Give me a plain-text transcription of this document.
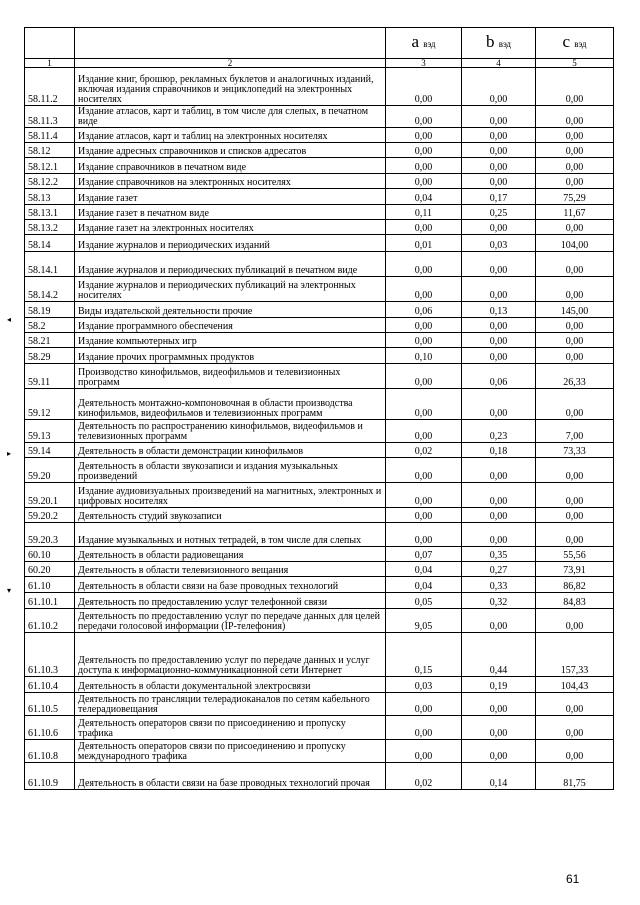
		a вэд	b вэд	c вэд
1	2	3	4	5
58.11.2	Издание книг, брошюр, рекламных буклетов и аналогичных изданий, включая издания справочников и энциклопедий на электронных носителях	0,00	0,00	0,00
58.11.3	Издание атласов, карт и таблиц, в том числе для слепых, в печатном виде	0,00	0,00	0,00
58.11.4	Издание атласов, карт и таблиц на электронных носителях	0,00	0,00	0,00
58.12	Издание адресных справочников и списков адресатов	0,00	0,00	0,00
58.12.1	Издание справочников в печатном виде	0,00	0,00	0,00
58.12.2	Издание справочников на электронных носителях	0,00	0,00	0,00
58.13	Издание газет	0,04	0,17	75,29
58.13.1	Издание газет в печатном виде	0,11	0,25	11,67
58.13.2	Издание газет на электронных носителях	0,00	0,00	0,00
58.14	Издание журналов и периодических изданий	0,01	0,03	104,00
58.14.1	Издание журналов и периодических публикаций в печатном виде	0,00	0,00	0,00
58.14.2	Издание журналов и периодических публикаций на электронных носителях	0,00	0,00	0,00
58.19	Виды издательской деятельности прочие	0,06	0,13	145,00
58.2	Издание программного обеспечения	0,00	0,00	0,00
58.21	Издание компьютерных игр	0,00	0,00	0,00
58.29	Издание прочих программных продуктов	0,10	0,00	0,00
59.11	Производство кинофильмов, видеофильмов и телевизионных программ	0,00	0,06	26,33
59.12	Деятельность монтажно-компоновочная в области производства кинофильмов, видеофильмов и телевизионных программ	0,00	0,00	0,00
59.13	Деятельность по распространению кинофильмов, видеофильмов и телевизионных программ	0,00	0,23	7,00
59.14	Деятельность в области демонстрации кинофильмов	0,02	0,18	73,33
59.20	Деятельность в области звукозаписи и издания музыкальных произведений	0,00	0,00	0,00
59.20.1	Издание аудиовизуальных произведений на магнитных, электронных и цифровых носителях	0,00	0,00	0,00
59.20.2	Деятельность студий звукозаписи	0,00	0,00	0,00
59.20.3	Издание музыкальных и нотных тетрадей, в том числе для слепых	0,00	0,00	0,00
60.10	Деятельность в области радиовещания	0,07	0,35	55,56
60.20	Деятельность в области телевизионного вещания	0,04	0,27	73,91
61.10	Деятельность в области связи на базе проводных технологий	0,04	0,33	86,82
61.10.1	Деятельность по предоставлению услуг телефонной связи	0,05	0,32	84,83
61.10.2	Деятельность по предоставлению услуг по передаче данных для целей передачи голосовой информации (IP-телефония)	9,05	0,00	0,00
61.10.3	Деятельность по предоставлению услуг по передаче данных и услуг доступа к информационно-коммуникационной сети Интернет	0,15	0,44	157,33
61.10.4	Деятельность в области документальной электросвязи	0,03	0,19	104,43
61.10.5	Деятельность по трансляции телерадиоканалов по сетям кабельного телерадиовещания	0,00	0,00	0,00
61.10.6	Деятельность операторов связи по присоединению и пропуску трафика	0,00	0,00	0,00
61.10.8	Деятельность операторов связи по присоединению и пропуску международного трафика	0,00	0,00	0,00
61.10.9	Деятельность в области связи на базе проводных технологий прочая	0,02	0,14	81,75
◂
▸
▾
61
